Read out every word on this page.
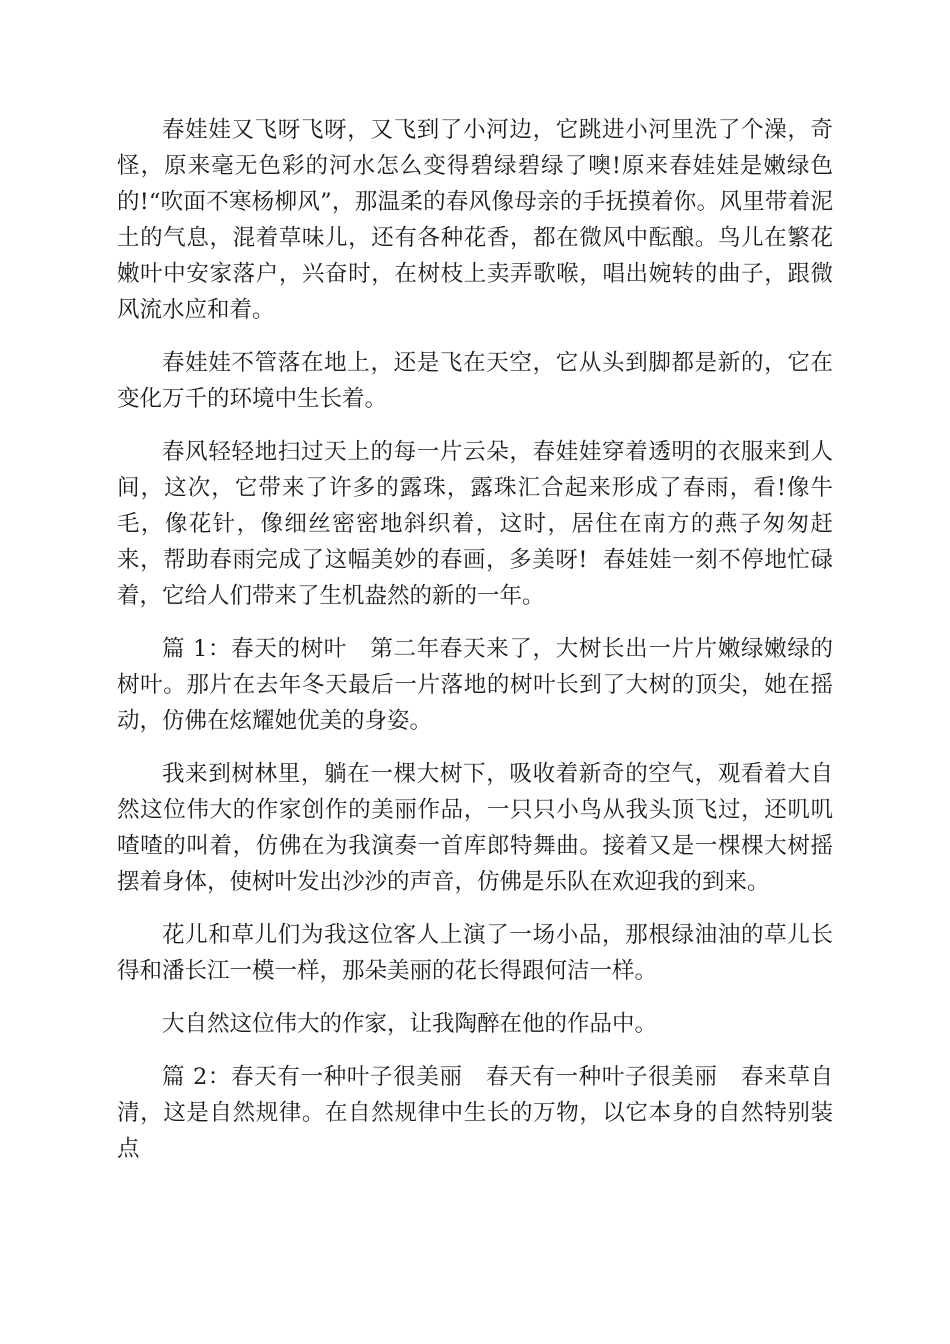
春娃娃又飞呀飞呀，又飞到了小河边，它跳进小河里洗了个澡，奇怪，原来毫无色彩的河水怎么变得碧绿碧绿了噢!原来春娃娃是嫩绿色的!“吹面不寒杨柳风”，那温柔的春风像母亲的手抚摸着你。风里带着泥土的气息，混着草味儿，还有各种花香，都在微风中酝酿。鸟儿在繁花嫩叶中安家落户，兴奋时，在树枝上卖弄歌喉，唱出婉转的曲子，跟微风流水应和着。

春娃娃不管落在地上，还是飞在天空，它从头到脚都是新的，它在变化万千的环境中生长着。

春风轻轻地扫过天上的每一片云朵，春娃娃穿着透明的衣服来到人间，这次，它带来了许多的露珠，露珠汇合起来形成了春雨，看!像牛毛，像花针，像细丝密密地斜织着，这时，居住在南方的燕子匆匆赶来，帮助春雨完成了这幅美妙的春画，多美呀!  春娃娃一刻不停地忙碌着，它给人们带来了生机盎然的新的一年。

篇 1：春天的树叶   第二年春天来了，大树长出一片片嫩绿嫩绿的树叶。那片在去年冬天最后一片落地的树叶长到了大树的顶尖，她在摇动，仿佛在炫耀她优美的身姿。

我来到树林里，躺在一棵大树下，吸收着新奇的空气，观看着大自然这位伟大的作家创作的美丽作品，一只只小鸟从我头顶飞过，还叽叽喳喳的叫着，仿佛在为我演奏一首库郎特舞曲。接着又是一棵棵大树摇摆着身体，使树叶发出沙沙的声音，仿佛是乐队在欢迎我的到来。

花儿和草儿们为我这位客人上演了一场小品，那根绿油油的草儿长得和潘长江一模一样，那朵美丽的花长得跟何洁一样。

大自然这位伟大的作家，让我陶醉在他的作品中。

篇 2：春天有一种叶子很美丽   春天有一种叶子很美丽   春来草自清，这是自然规律。在自然规律中生长的万物，以它本身的自然特别装点
